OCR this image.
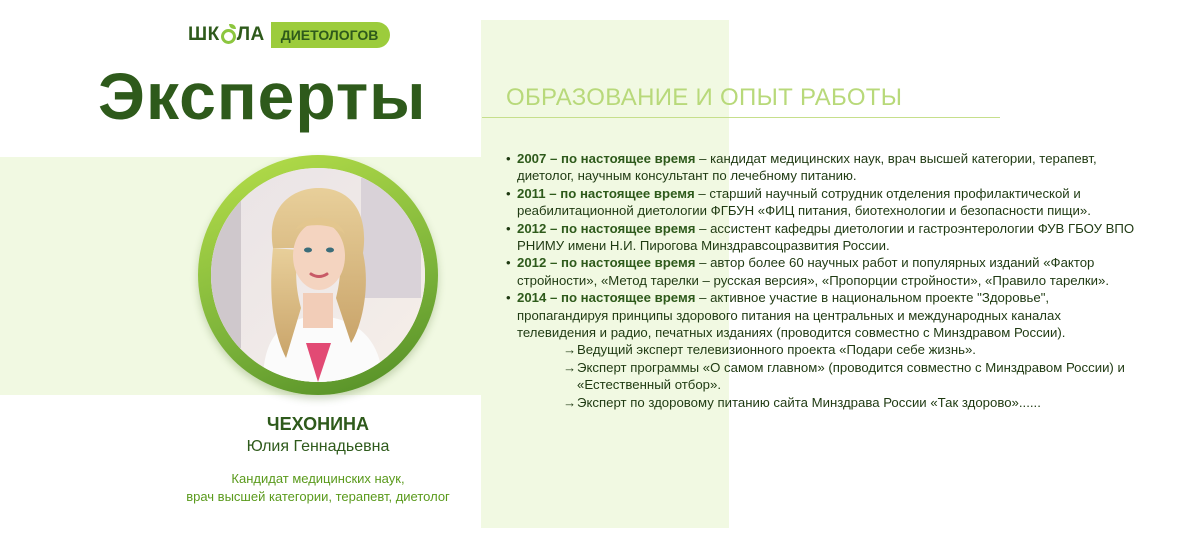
ШК ЛА	ДИЕТОЛОГОВ
Эксперты
ЧЕХОНИНА
Юлия Геннадьевна
Кандидат медицинских наук,
врач высшей категории, терапевт, диетолог
ОБРАЗОВАНИЕ И ОПЫТ РАБОТЫ
• 2007 – по настоящее время – кандидат медицинских наук, врач высшей категории, терапевт, диетолог, научным консультант по лечебному питанию.
• 2011 – по настоящее время – старший научный сотрудник отделения профилактической и реабилитационной диетологии ФГБУН «ФИЦ питания, биотехнологии и безопасности пищи».
• 2012 – по настоящее время – ассистент кафедры диетологии и гастроэнтерологии ФУВ ГБОУ ВПО РНИМУ имени Н.И. Пирогова Минздравсоцразвития России.
• 2012 – по настоящее время – автор более 60 научных работ и популярных изданий «Фактор стройности», «Метод тарелки – русская версия», «Пропорции стройности», «Правило тарелки».
• 2014 – по настоящее время – активное участие в национальном проекте "Здоровье", пропагандируя принципы здорового питания на центральных и международных каналах телевидения и радио, печатных изданиях (проводится совместно с Минздравом России).
→ Ведущий эксперт телевизионного проекта «Подари себе жизнь».
→ Эксперт программы «О самом главном» (проводится совместно с Минздравом России) и «Естественный отбор».
→ Эксперт по здоровому питанию сайта Минздрава России «Так здорово»......
